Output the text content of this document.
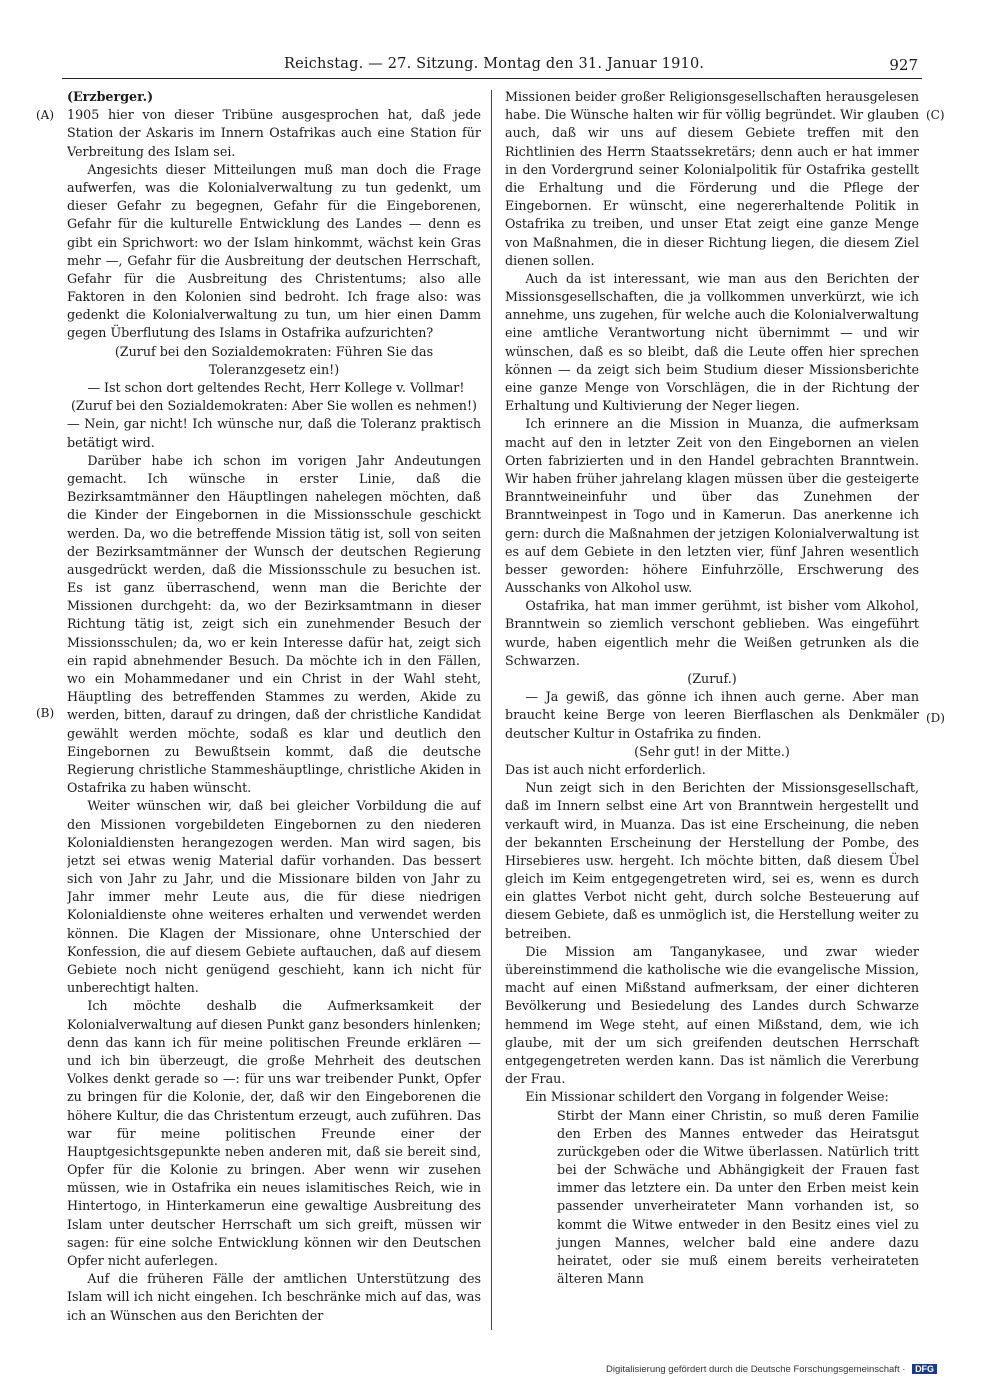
Reichstag. — 27. Sitzung. Montag den 31. Januar 1910.	927
(A)
(B)
(C)
(D)

(Erzberger.)

1905 hier von dieser Tribüne ausgesprochen hat, daß jede Station der Askaris im Innern Ostafrikas auch eine Station für Verbreitung des Islam sei.

Angesichts dieser Mitteilungen muß man doch die Frage aufwerfen, was die Kolonialverwaltung zu tun gedenkt, um dieser Gefahr zu begegnen, Gefahr für die Eingeborenen, Gefahr für die kulturelle Entwicklung des Landes — denn es gibt ein Sprichwort: wo der Islam hinkommt, wächst kein Gras mehr —, Gefahr für die Ausbreitung der deutschen Herrschaft, Gefahr für die Ausbreitung des Christentums; also alle Faktoren in den Kolonien sind bedroht. Ich frage also: was gedenkt die Kolonialverwaltung zu tun, um hier einen Damm gegen Überflutung des Islams in Ostafrika aufzurichten?

(Zuruf bei den Sozialdemokraten: Führen Sie das Toleranzgesetz ein!)

— Ist schon dort geltendes Recht, Herr Kollege v. Vollmar!

(Zuruf bei den Sozialdemokraten: Aber Sie wollen es nehmen!)

— Nein, gar nicht! Ich wünsche nur, daß die Toleranz praktisch betätigt wird.

Darüber habe ich schon im vorigen Jahr Andeutungen gemacht. Ich wünsche in erster Linie, daß die Bezirksamtmänner den Häuptlingen nahelegen möchten, daß die Kinder der Eingebornen in die Missionsschule geschickt werden. Da, wo die betreffende Mission tätig ist, soll von seiten der Bezirksamtmänner der Wunsch der deutschen Regierung ausgedrückt werden, daß die Missionsschule zu besuchen ist. Es ist ganz überraschend, wenn man die Berichte der Missionen durchgeht: da, wo der Bezirksamtmann in dieser Richtung tätig ist, zeigt sich ein zunehmender Besuch der Missionsschulen; da, wo er kein Interesse dafür hat, zeigt sich ein rapid abnehmender Besuch. Da möchte ich in den Fällen, wo ein Mohammedaner und ein Christ in der Wahl steht, Häuptling des betreffenden Stammes zu werden, Akide zu werden, bitten, darauf zu dringen, daß der christliche Kandidat gewählt werden möchte, sodaß es klar und deutlich den Eingebornen zu Bewußtsein kommt, daß die deutsche Regierung christliche Stammeshäuptlinge, christliche Akiden in Ostafrika zu haben wünscht.

Weiter wünschen wir, daß bei gleicher Vorbildung die auf den Missionen vorgebildeten Eingebornen zu den niederen Kolonialdiensten herangezogen werden. Man wird sagen, bis jetzt sei etwas wenig Material dafür vorhanden. Das bessert sich von Jahr zu Jahr, und die Missionare bilden von Jahr zu Jahr immer mehr Leute aus, die für diese niedrigen Kolonialdienste ohne weiteres erhalten und verwendet werden können. Die Klagen der Missionare, ohne Unterschied der Konfession, die auf diesem Gebiete auftauchen, daß auf diesem Gebiete noch nicht genügend geschieht, kann ich nicht für unberechtigt halten.

Ich möchte deshalb die Aufmerksamkeit der Kolonialverwaltung auf diesen Punkt ganz besonders hinlenken; denn das kann ich für meine politischen Freunde erklären — und ich bin überzeugt, die große Mehrheit des deutschen Volkes denkt gerade so —: für uns war treibender Punkt, Opfer zu bringen für die Kolonie, der, daß wir den Eingeborenen die höhere Kultur, die das Christentum erzeugt, auch zuführen. Das war für meine politischen Freunde einer der Hauptgesichtsgepunkte neben anderen mit, daß sie bereit sind, Opfer für die Kolonie zu bringen. Aber wenn wir zusehen müssen, wie in Ostafrika ein neues islamitisches Reich, wie in Hintertogo, in Hinterkamerun eine gewaltige Ausbreitung des Islam unter deutscher Herrschaft um sich greift, müssen wir sagen: für eine solche Entwicklung können wir den Deutschen Opfer nicht auferlegen.

Auf die früheren Fälle der amtlichen Unterstützung des Islam will ich nicht eingehen. Ich beschränke mich auf das, was ich an Wünschen aus den Berichten der

Missionen beider großer Religionsgesellschaften herausgelesen habe. Die Wünsche halten wir für völlig begründet. Wir glauben auch, daß wir uns auf diesem Gebiete treffen mit den Richtlinien des Herrn Staatssekretärs; denn auch er hat immer in den Vordergrund seiner Kolonialpolitik für Ostafrika gestellt die Erhaltung und die Förderung und die Pflege der Eingebornen. Er wünscht, eine negererhaltende Politik in Ostafrika zu treiben, und unser Etat zeigt eine ganze Menge von Maßnahmen, die in dieser Richtung liegen, die diesem Ziel dienen sollen.

Auch da ist interessant, wie man aus den Berichten der Missionsgesellschaften, die ja vollkommen unverkürzt, wie ich annehme, uns zugehen, für welche auch die Kolonialverwaltung eine amtliche Verantwortung nicht übernimmt — und wir wünschen, daß es so bleibt, daß die Leute offen hier sprechen können — da zeigt sich beim Studium dieser Missionsberichte eine ganze Menge von Vorschlägen, die in der Richtung der Erhaltung und Kultivierung der Neger liegen.

Ich erinnere an die Mission in Muanza, die aufmerksam macht auf den in letzter Zeit von den Eingebornen an vielen Orten fabrizierten und in den Handel gebrachten Branntwein. Wir haben früher jahrelang klagen müssen über die gesteigerte Branntweineinfuhr und über das Zunehmen der Branntweinpest in Togo und in Kamerun. Das anerkenne ich gern: durch die Maßnahmen der jetzigen Kolonialverwaltung ist es auf dem Gebiete in den letzten vier, fünf Jahren wesentlich besser geworden: höhere Einfuhrzölle, Erschwerung des Ausschanks von Alkohol usw.

Ostafrika, hat man immer gerühmt, ist bisher vom Alkohol, Branntwein so ziemlich verschont geblieben. Was eingeführt wurde, haben eigentlich mehr die Weißen getrunken als die Schwarzen.

(Zuruf.)

— Ja gewiß, das gönne ich ihnen auch gerne. Aber man braucht keine Berge von leeren Bierflaschen als Denkmäler deutscher Kultur in Ostafrika zu finden.

(Sehr gut! in der Mitte.)

Das ist auch nicht erforderlich.

Nun zeigt sich in den Berichten der Missionsgesellschaft, daß im Innern selbst eine Art von Branntwein hergestellt und verkauft wird, in Muanza. Das ist eine Erscheinung, die neben der bekannten Erscheinung der Herstellung der Pombe, des Hirsebieres usw. hergeht. Ich möchte bitten, daß diesem Übel gleich im Keim entgegengetreten wird, sei es, wenn es durch ein glattes Verbot nicht geht, durch solche Besteuerung auf diesem Gebiete, daß es unmöglich ist, die Herstellung weiter zu betreiben.

Die Mission am Tanganykasee, und zwar wieder übereinstimmend die katholische wie die evangelische Mission, macht auf einen Mißstand aufmerksam, der einer dichteren Bevölkerung und Besiedelung des Landes durch Schwarze hemmend im Wege steht, auf einen Mißstand, dem, wie ich glaube, mit der um sich greifenden deutschen Herrschaft entgegengetreten werden kann. Das ist nämlich die Vererbung der Frau.

Ein Missionar schildert den Vorgang in folgender Weise:

Stirbt der Mann einer Christin, so muß deren Familie den Erben des Mannes entweder das Heiratsgut zurückgeben oder die Witwe überlassen. Natürlich tritt bei der Schwäche und Abhängigkeit der Frauen fast immer das letztere ein. Da unter den Erben meist kein passender unverheirateter Mann vorhanden ist, so kommt die Witwe entweder in den Besitz eines viel zu jungen Mannes, welcher bald eine andere dazu heiratet, oder sie muß einem bereits verheirateten älteren Mann
Digitalisierung gefördert durch die Deutsche Forschungsgemeinschaft · DFG
